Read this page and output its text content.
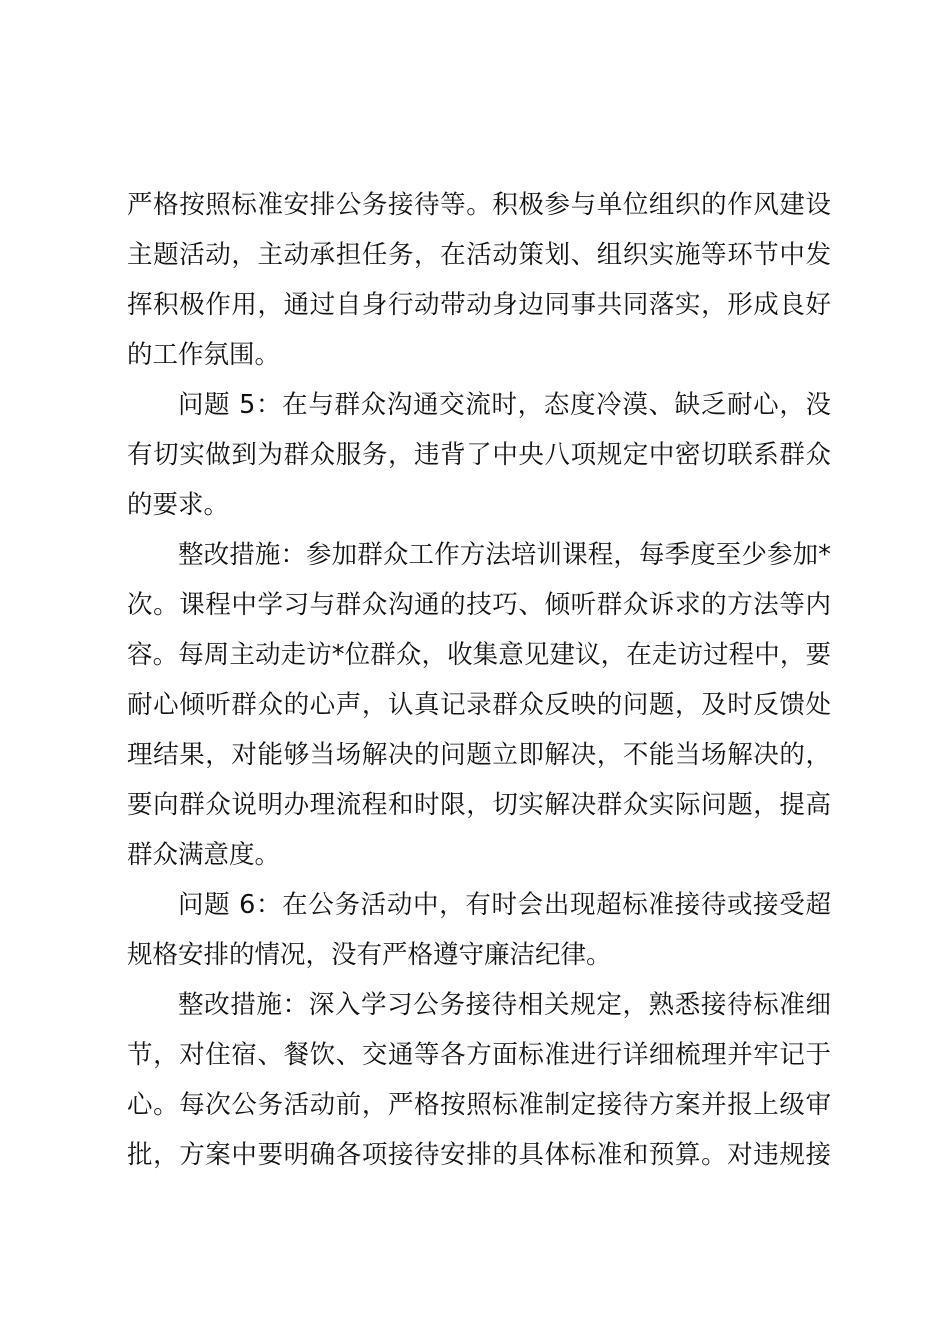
严格按照标准安排公务接待等。积极参与单位组织的作风建设
主题活动，主动承担任务，在活动策划、组织实施等环节中发
挥积极作用，通过自身行动带动身边同事共同落实，形成良好
的工作氛围。
问题 5：在与群众沟通交流时，态度冷漠、缺乏耐心，没
有切实做到为群众服务，违背了中央八项规定中密切联系群众
的要求。
整改措施：参加群众工作方法培训课程，每季度至少参加*
次。课程中学习与群众沟通的技巧、倾听群众诉求的方法等内
容。每周主动走访*位群众，收集意见建议，在走访过程中，要
耐心倾听群众的心声，认真记录群众反映的问题，及时反馈处
理结果，对能够当场解决的问题立即解决，不能当场解决的，
要向群众说明办理流程和时限，切实解决群众实际问题，提高
群众满意度。
问题 6：在公务活动中，有时会出现超标准接待或接受超
规格安排的情况，没有严格遵守廉洁纪律。
整改措施：深入学习公务接待相关规定，熟悉接待标准细
节，对住宿、餐饮、交通等各方面标准进行详细梳理并牢记于
心。每次公务活动前，严格按照标准制定接待方案并报上级审
批，方案中要明确各项接待安排的具体标准和预算。对违规接
